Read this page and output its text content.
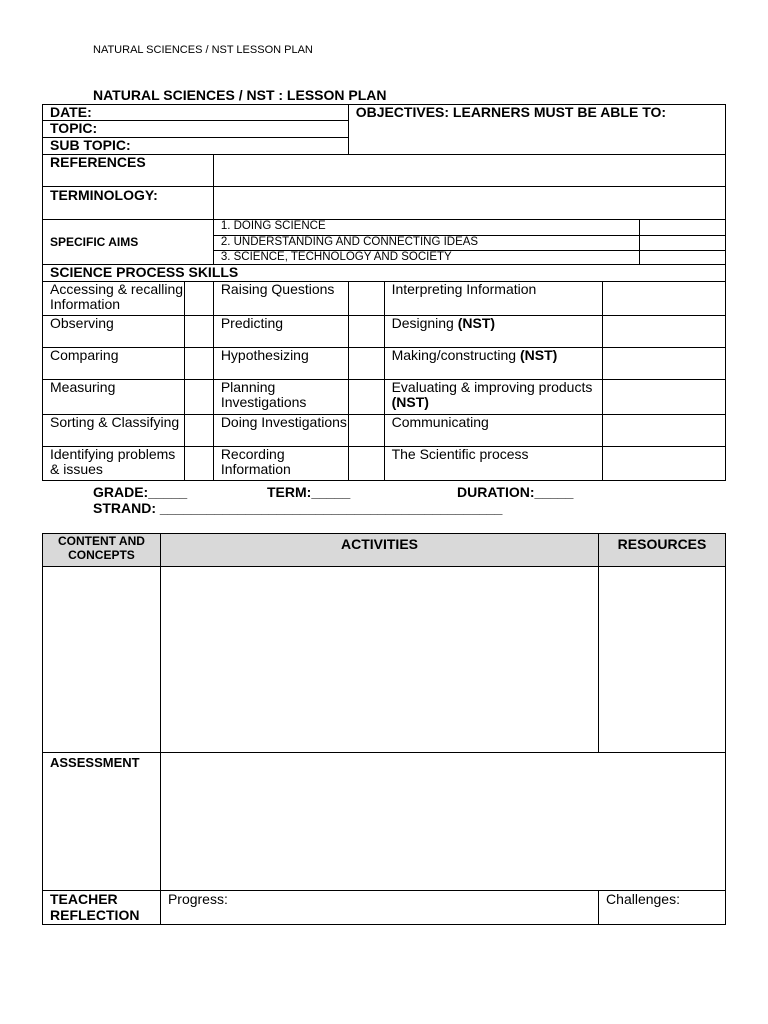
NATURAL SCIENCES / NST LESSON PLAN
NATURAL SCIENCES / NST : LESSON PLAN
DATE:			OBJECTIVES: LEARNERS MUST BE ABLE TO:			
TOPIC:						
SUB TOPIC:						
REFERENCES						
TERMINOLOGY:						
SPECIFIC AIMS		1. DOING SCIENCE				
		2. UNDERSTANDING AND CONNECTING IDEAS				
		3. SCIENCE, TECHNOLOGY AND SOCIETY				
SCIENCE PROCESS SKILLS						
Accessing & recalling Information		Raising Questions		Interpreting Information		
Observing		Predicting		Designing (NST)		
Comparing		Hypothesizing		Making/constructing (NST)		
Measuring		Planning Investigations		Evaluating & improving products (NST)		
Sorting & Classifying		Doing Investigations		Communicating		
Identifying problems & issues		Recording Information		The Scientific process		
GRADE:_____	TERM:_____	DURATION:_____
STRAND: ____________________________________________
CONTENT AND CONCEPTS	ACTIVITIES	RESOURCES

ASSESSMENT		
TEACHER REFLECTION	Progress:	Challenges:
